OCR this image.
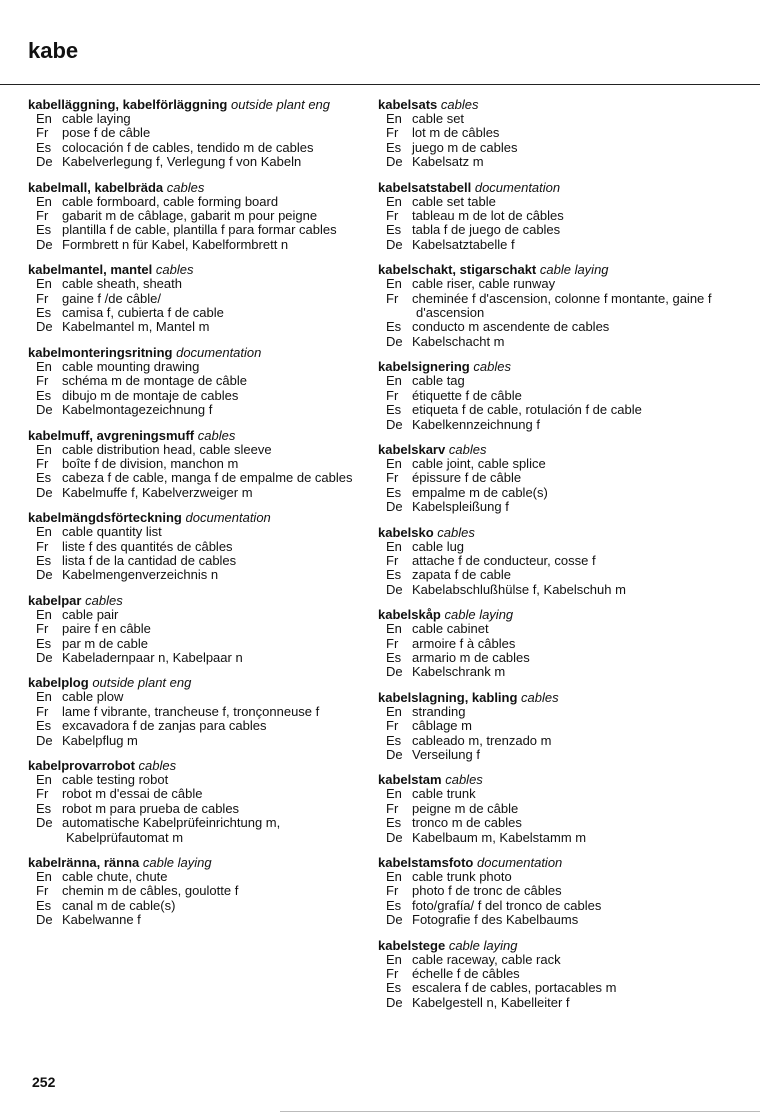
kabe
kabelläggning, kabelförläggning outside plant eng
En cable laying
Fr pose f de câble
Es colocación f de cables, tendido m de cables
De Kabelverlegung f, Verlegung f von Kabeln
kabelmall, kabelbräda cables
En cable formboard, cable forming board
Fr gabarit m de câblage, gabarit m pour peigne
Es plantilla f de cable, plantilla f para formar cables
De Formbrett n für Kabel, Kabelformbrett n
kabelmantel, mantel cables
En cable sheath, sheath
Fr gaine f /de câble/
Es camisa f, cubierta f de cable
De Kabelmantel m, Mantel m
kabelmonteringsritning documentation
En cable mounting drawing
Fr schéma m de montage de câble
Es dibujo m de montaje de cables
De Kabelmontagezeichnung f
kabelmuff, avgreningsmuff cables
En cable distribution head, cable sleeve
Fr boîte f de division, manchon m
Es cabeza f de cable, manga f de empalme de cables
De Kabelmuffe f, Kabelverzweiger m
kabelmängdsförteckning documentation
En cable quantity list
Fr liste f des quantités de câbles
Es lista f de la cantidad de cables
De Kabelmengenverzeichnis n
kabelpar cables
En cable pair
Fr paire f en câble
Es par m de cable
De Kabeladernpaar n, Kabelpaar n
kabelplog outside plant eng
En cable plow
Fr lame f vibrante, trancheuse f, tronçonneuse f
Es excavadora f de zanjas para cables
De Kabelpflug m
kabelprovarrobot cables
En cable testing robot
Fr robot m d'essai de câble
Es robot m para prueba de cables
De automatische Kabelprüfeinrichtung m, Kabelprüfautomat m
kabelränna, ränna cable laying
En cable chute, chute
Fr chemin m de câbles, goulotte f
Es canal m de cable(s)
De Kabelwanne f
kabelsats cables
En cable set
Fr lot m de câbles
Es juego m de cables
De Kabelsatz m
kabelsatstabell documentation
En cable set table
Fr tableau m de lot de câbles
Es tabla f de juego de cables
De Kabelsatztabelle f
kabelschakt, stigarschakt cable laying
En cable riser, cable runway
Fr cheminée f d'ascension, colonne f montante, gaine f d'ascension
Es conducto m ascendente de cables
De Kabelschacht m
kabelsignering cables
En cable tag
Fr étiquette f de câble
Es etiqueta f de cable, rotulación f de cable
De Kabelkennzeichnung f
kabelskarv cables
En cable joint, cable splice
Fr épissure f de câble
Es empalme m de cable(s)
De Kabelspleißung f
kabelsko cables
En cable lug
Fr attache f de conducteur, cosse f
Es zapata f de cable
De Kabelabschlußhülse f, Kabelschuh m
kabelskåp cable laying
En cable cabinet
Fr armoire f à câbles
Es armario m de cables
De Kabelschrank m
kabelslagning, kabling cables
En stranding
Fr câblage m
Es cableado m, trenzado m
De Verseilung f
kabelstam cables
En cable trunk
Fr peigne m de câble
Es tronco m de cables
De Kabelbaum m, Kabelstamm m
kabelstamsfoto documentation
En cable trunk photo
Fr photo f de tronc de câbles
Es foto/grafía/ f del tronco de cables
De Fotografie f des Kabelbaums
kabelstege cable laying
En cable raceway, cable rack
Fr échelle f de câbles
Es escalera f de cables, portacables m
De Kabelgestell n, Kabelleiter f
252
